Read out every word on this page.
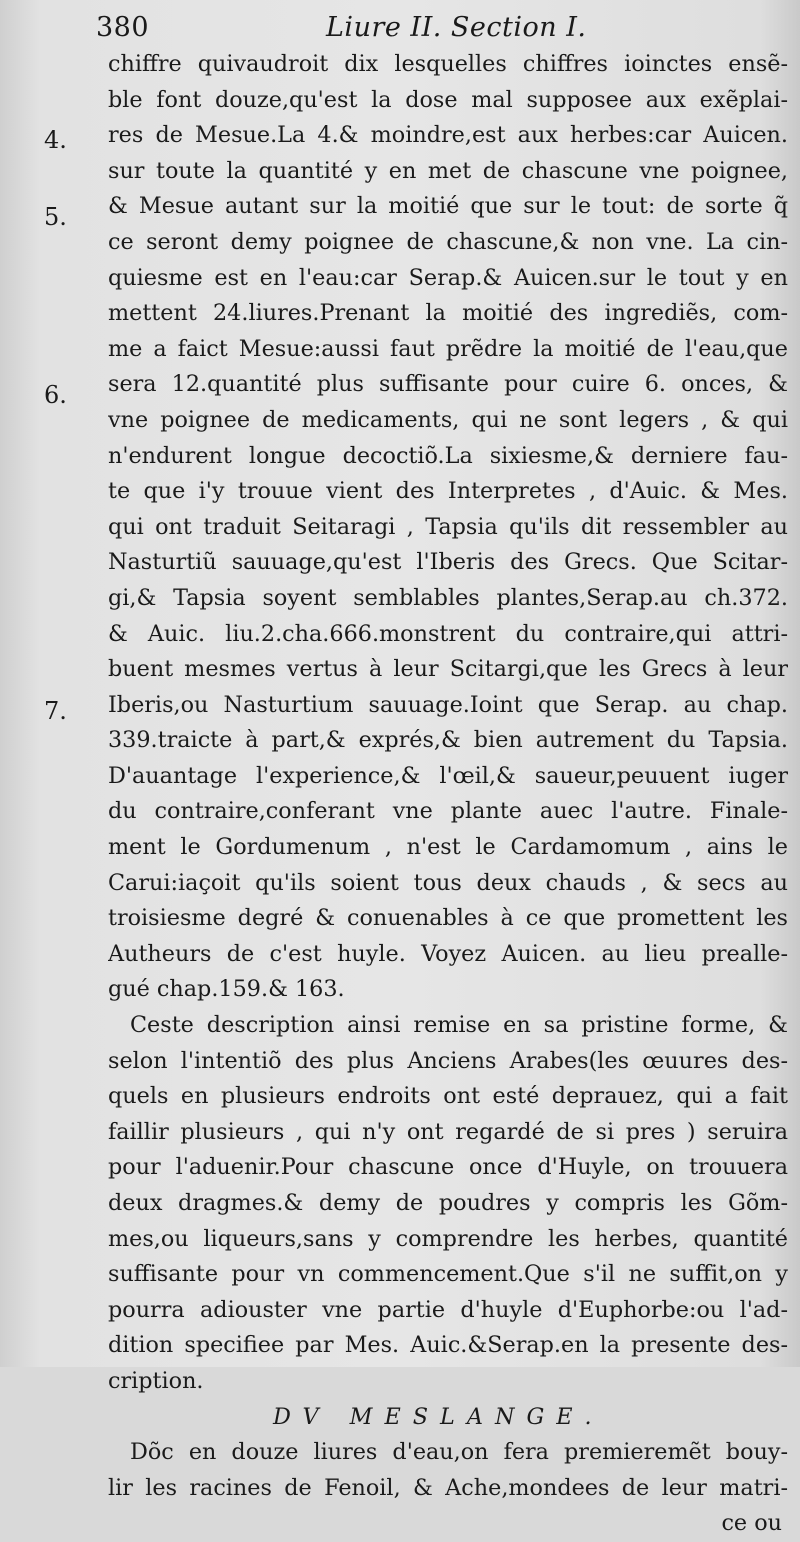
380	Liure II. Section I.
4.
5.
6.
7.
chiffre quivaudroit dix lesquelles chiffres ioinctes ensẽ-
ble font douze,qu'est la dose mal supposee aux exẽplai-
res de Mesue.La 4.& moindre,est aux herbes:car Auicen.
sur toute la quantité y en met de chascune vne poignee,
& Mesue autant sur la moitié que sur le tout: de sorte q̃
ce seront demy poignee de chascune,& non vne. La cin-
quiesme est en l'eau:car Serap.& Auicen.sur le tout y en
mettent 24.liures.Prenant la moitié des ingrediẽs, com-
me a faict Mesue:aussi faut prẽdre la moitié de l'eau,que
sera 12.quantité plus suffisante pour cuire 6. onces, &
vne poignee de medicaments, qui ne sont legers , & qui
n'endurent longue decoctiõ.La sixiesme,& derniere fau-
te que i'y trouue vient des Interpretes , d'Auic. & Mes.
qui ont traduit Seitaragi , Tapsia qu'ils dit ressembler au
Nasturtiũ sauuage,qu'est l'Iberis des Grecs. Que Scitar-
gi,& Tapsia soyent semblables plantes,Serap.au ch.372.
& Auic. liu.2.cha.666.monstrent du contraire,qui attri-
buent mesmes vertus à leur Scitargi,que les Grecs à leur
Iberis,ou Nasturtium sauuage.Ioint que Serap. au chap.
339.traicte à part,& exprés,& bien autrement du Tapsia.
D'auantage l'experience,& l'œil,& saueur,peuuent iuger
du contraire,conferant vne plante auec l'autre. Finale-
ment le Gordumenum , n'est le Cardamomum , ains le
Carui:iaçoit qu'ils soient tous deux chauds , & secs au
troisiesme degré & conuenables à ce que promettent les
Autheurs de c'est huyle. Voyez Auicen. au lieu prealle-
gué chap.159.& 163.
Ceste description ainsi remise en sa pristine forme, &
selon l'intentiõ des plus Anciens Arabes(les œuures des-
quels en plusieurs endroits ont esté deprauez, qui a fait
faillir plusieurs , qui n'y ont regardé de si pres ) seruira
pour l'aduenir.Pour chascune once d'Huyle, on trouuera
deux dragmes.& demy de poudres y compris les Gõm-
mes,ou liqueurs,sans y comprendre les herbes, quantité
suffisante pour vn commencement.Que s'il ne suffit,on y
pourra adiouster vne partie d'huyle d'Euphorbe:ou l'ad-
dition specifiee par Mes. Auic.&Serap.en la presente des-
cription.
DV MESLANGE.
Dõc en douze liures d'eau,on fera premieremẽt bouy-
lir les racines de Fenoil, & Ache,mondees de leur matri-
ce ou
